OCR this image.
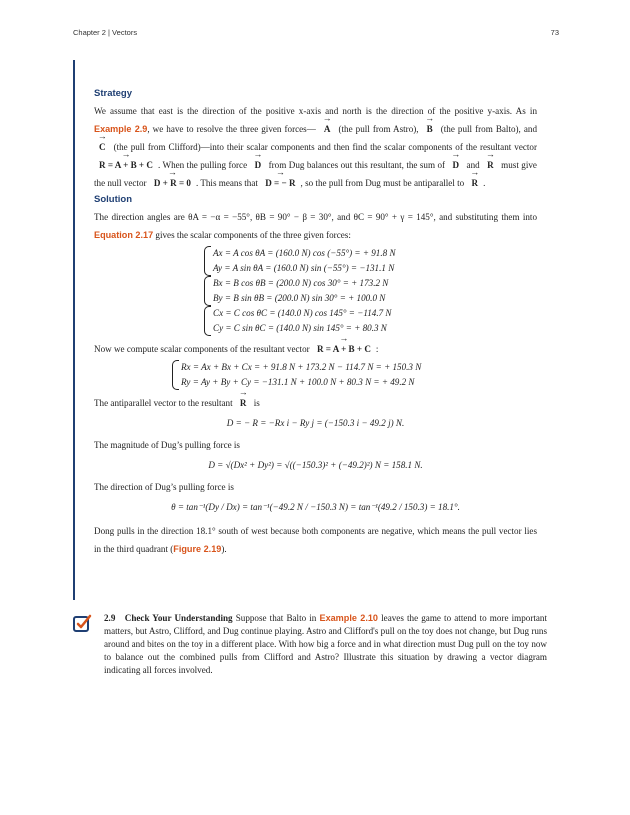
Chapter 2 | Vectors	73
Strategy

We assume that east is the direction of the positive x-axis and north is the direction of the positive y-axis. As in Example 2.9, we have to resolve the three given forces— → A (the pull from Astro), → B (the pull from Balto), and → C (the pull from Clifford)—into their scalar components and then find the scalar components of the resultant vector → R = A + B + C . When the pulling force → D from Dug balances out this resultant, the sum of → D and → R must give the null vector → D + R = 0 . This means that → D = − R , so the pull from Dug must be antiparallel to → R .

Solution

The direction angles are θA = −α = −55°, θB = 90° − β = 30°, and θC = 90° + γ = 145°, and substituting them into Equation 2.17 gives the scalar components of the three given forces:

Ax = A cos θA = (160.0 N) cos (−55°) = + 91.8 N
Ay = A sin θA = (160.0 N) sin (−55°) = −131.1 N
Bx = B cos θB = (200.0 N) cos 30° = + 173.2 N
By = B sin θB = (200.0 N) sin 30° = + 100.0 N
Cx = C cos θC = (140.0 N) cos 145° = −114.7 N
Cy = C sin θC = (140.0 N) sin 145° = + 80.3 N

Now we compute scalar components of the resultant vector → R = A + B + C :

Rx = Ax + Bx + Cx = + 91.8 N + 173.2 N − 114.7 N = + 150.3 N
Ry = Ay + By + Cy = −131.1 N + 100.0 N + 80.3 N = + 49.2 N

The antiparallel vector to the resultant → R is

D = − R = −Rx i − Ry j = (−150.3 i − 49.2 j) N.

The magnitude of Dug’s pulling force is

D = √(Dx² + Dy²) = √((−150.3)² + (−49.2)²) N = 158.1 N.

The direction of Dug’s pulling force is

θ = tan⁻¹(Dy / Dx) = tan⁻¹(−49.2 N / −150.3 N) = tan⁻¹(49.2 / 150.3) = 18.1°.

Dong pulls in the direction 18.1° south of west because both components are negative, which means the pull vector lies in the third quadrant (Figure 2.19).

2.9 Check Your Understanding Suppose that Balto in Example 2.10 leaves the game to attend to more important matters, but Astro, Clifford, and Dug continue playing. Astro and Clifford's pull on the toy does not change, but Dug runs around and bites on the toy in a different place. With how big a force and in what direction must Dug pull on the toy now to balance out the combined pulls from Clifford and Astro? Illustrate this situation by drawing a vector diagram indicating all forces involved.
